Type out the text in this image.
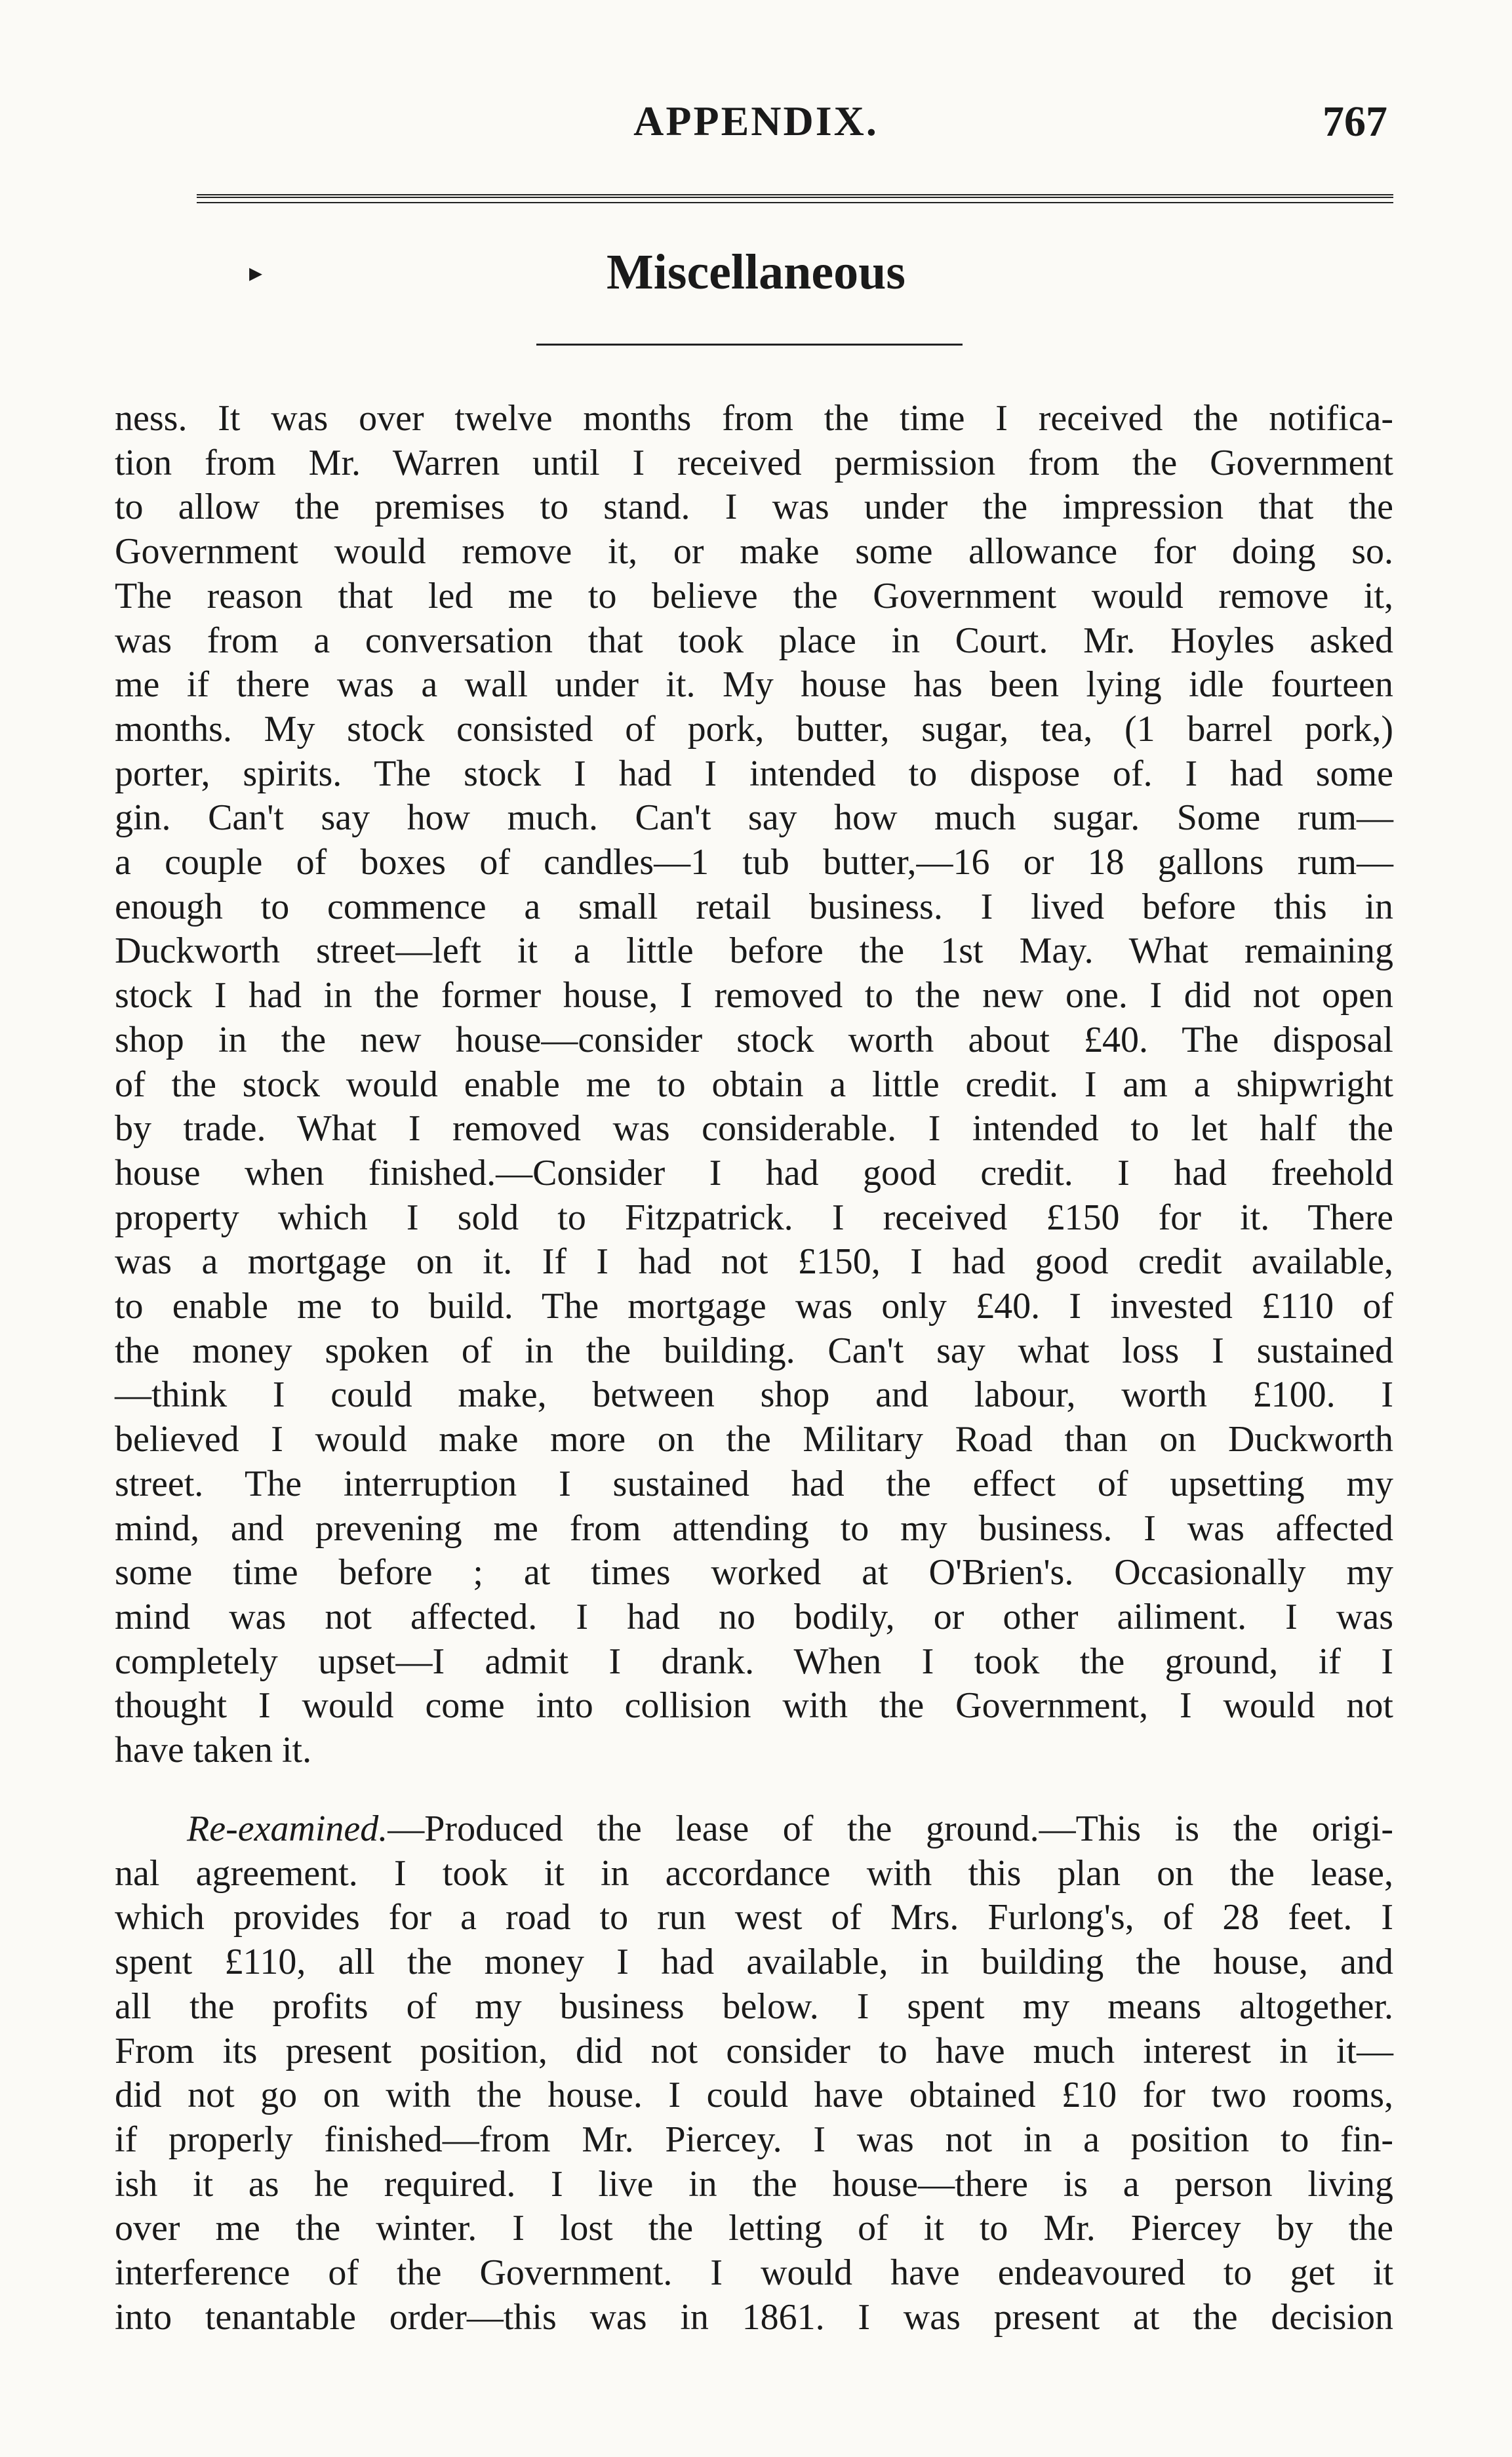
APPENDIX.	767
▸	Miscellaneous
ness. It was over twelve months from the time I received the notifica-
tion from Mr. Warren until I received permission from the Government
to allow the premises to stand. I was under the impression that the
Government would remove it, or make some allowance for doing so.
The reason that led me to believe the Government would remove it,
was from a conversation that took place in Court. Mr. Hoyles asked
me if there was a wall under it. My house has been lying idle fourteen
months. My stock consisted of pork, butter, sugar, tea, (1 barrel pork,)
porter, spirits. The stock I had I intended to dispose of. I had some
gin. Can't say how much. Can't say how much sugar. Some rum—
a couple of boxes of candles—1 tub butter,—16 or 18 gallons rum—
enough to commence a small retail business. I lived before this in
Duckworth street—left it a little before the 1st May. What remaining
stock I had in the former house, I removed to the new one. I did not open
shop in the new house—consider stock worth about £40. The disposal
of the stock would enable me to obtain a little credit. I am a shipwright
by trade. What I removed was considerable. I intended to let half the
house when finished.—Consider I had good credit. I had freehold
property which I sold to Fitzpatrick. I received £150 for it. There
was a mortgage on it. If I had not £150, I had good credit available,
to enable me to build. The mortgage was only £40. I invested £110 of
the money spoken of in the building. Can't say what loss I sustained
—think I could make, between shop and labour, worth £100. I
believed I would make more on the Military Road than on Duckworth
street. The interruption I sustained had the effect of upsetting my
mind, and prevening me from attending to my business. I was affected
some time before ; at times worked at O'Brien's. Occasionally my
mind was not affected. I had no bodily, or other ailiment. I was
completely upset—I admit I drank. When I took the ground, if I
thought I would come into collision with the Government, I would not
have taken it.
Re-examined.—Produced the lease of the ground.—This is the origi-
nal agreement. I took it in accordance with this plan on the lease,
which provides for a road to run west of Mrs. Furlong's, of 28 feet. I
spent £110, all the money I had available, in building the house, and
all the profits of my business below. I spent my means altogether.
From its present position, did not consider to have much interest in it—
did not go on with the house. I could have obtained £10 for two rooms,
if properly finished—from Mr. Piercey. I was not in a position to fin-
ish it as he required. I live in the house—there is a person living
over me the winter. I lost the letting of it to Mr. Piercey by the
interference of the Government. I would have endeavoured to get it
into tenantable order—this was in 1861. I was present at the decision
